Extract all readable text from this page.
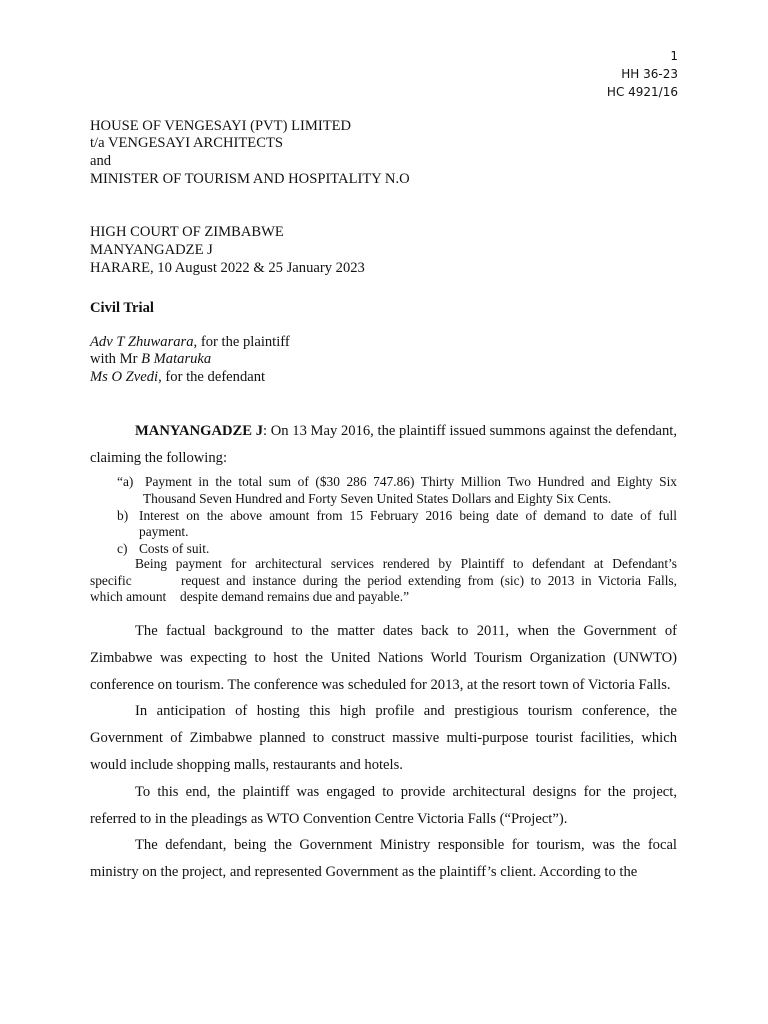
1
HH 36-23
HC 4921/16
HOUSE OF VENGESAYI (PVT) LIMITED
t/a VENGESAYI ARCHITECTS
and
MINISTER OF TOURISM AND HOSPITALITY N.O
HIGH COURT OF ZIMBABWE
MANYANGADZE J
HARARE, 10 August 2022 & 25 January 2023
Civil Trial
Adv T Zhuwarara, for the plaintiff
with Mr B Mataruka
Ms O Zvedi, for the defendant

MANYANGADZE J: On 13 May 2016, the plaintiff issued summons against the defendant, claiming the following:

“a) Payment in the total sum of ($30 286 747.86) Thirty Million Two Hundred and Eighty Six
Thousand Seven Hundred and Forty Seven United States Dollars and Eighty Six Cents.
b) Interest on the above amount from 15 February 2016 being date of demand to date of full
payment.
c) Costs of suit.
Being payment for architectural services rendered by Plaintiff to defendant at Defendant’s
specific	request and instance during the period extending from (sic) to 2013 in Victoria Falls,
which amount despite demand remains due and payable.”

The factual background to the matter dates back to 2011, when the Government of Zimbabwe was expecting to host the United Nations World Tourism Organization (UNWTO) conference on tourism. The conference was scheduled for 2013, at the resort town of Victoria Falls.

In anticipation of hosting this high profile and prestigious tourism conference, the Government of Zimbabwe planned to construct massive multi-purpose tourist facilities, which would include shopping malls, restaurants and hotels.

To this end, the plaintiff was engaged to provide architectural designs for the project, referred to in the pleadings as WTO Convention Centre Victoria Falls (“Project”).

The defendant, being the Government Ministry responsible for tourism, was the focal ministry on the project, and represented Government as the plaintiff’s client. According to the
